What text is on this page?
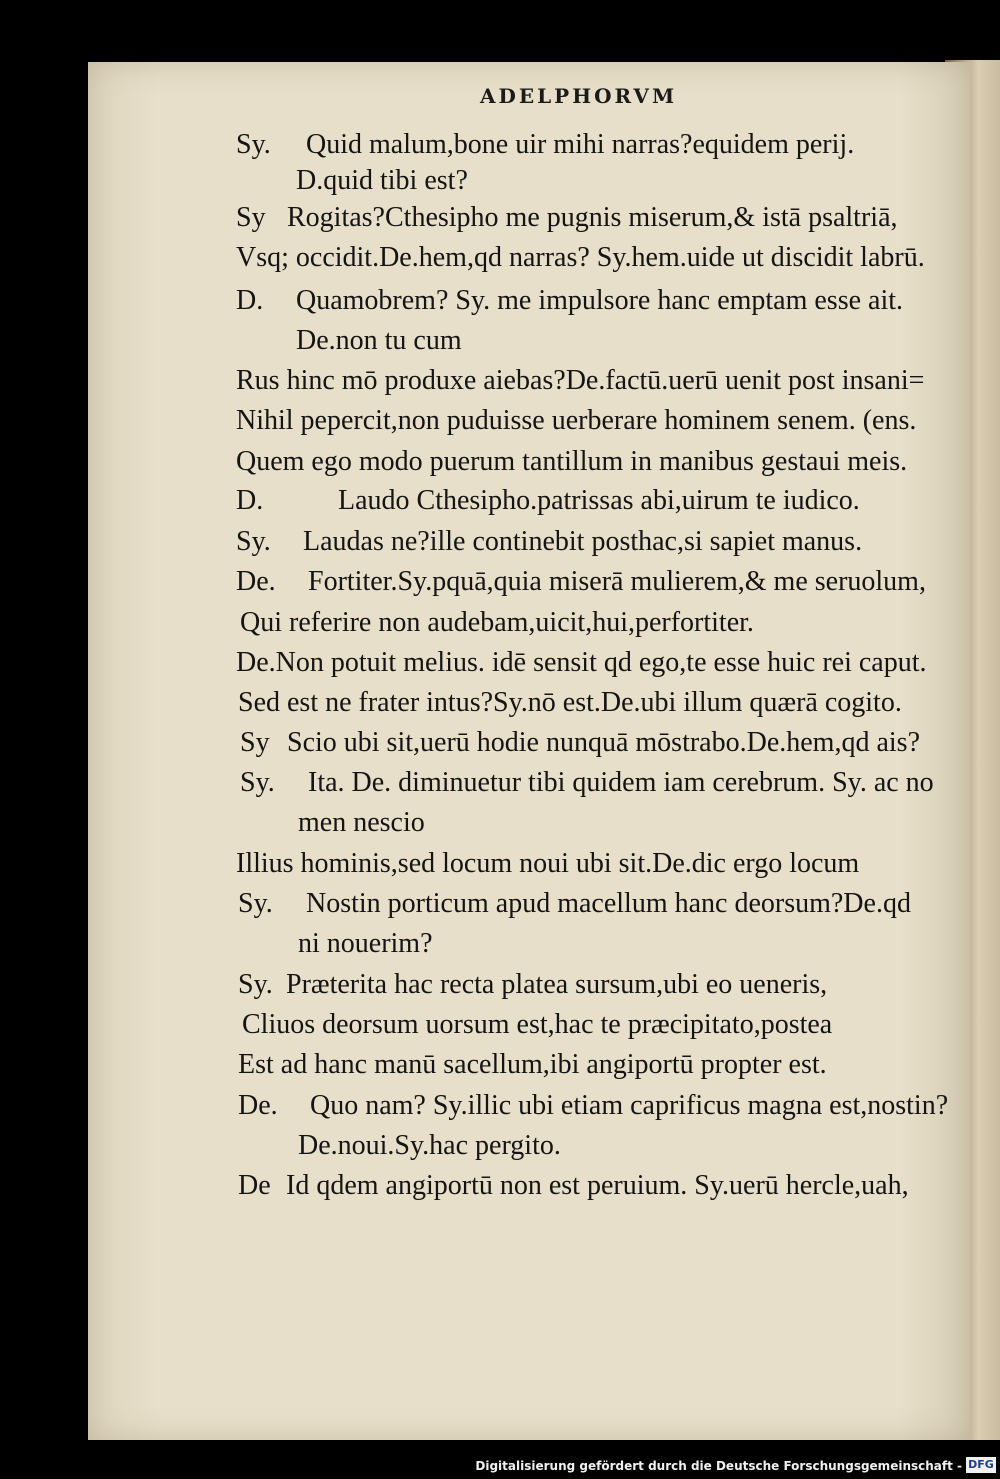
ADELPHORVM
Sy. Quid malum,bone uir mihi narras?equidem perij.
D.quid tibi est?
Sy Rogitas?Cthesipho me pugnis miserum,& istā psaltriā,
Vsq; occidit.De.hem,qd narras? Sy.hem.uide ut discidit labrū.
D. Quamobrem? Sy. me impulsore hanc emptam esse ait.
De.non tu cum
Rus hinc mō produxe aiebas?De.factū.uerū uenit post insani=
Nihil pepercit,non puduisse uerberare hominem senem. (ens.
Quem ego modo puerum tantillum in manibus gestaui meis.
D.	Laudo Cthesipho.patrissas abi,uirum te iudico.
Sy. Laudas ne?ille continebit posthac,si sapiet manus.
De. Fortiter.Sy.pquā,quia miserā mulierem,& me seruolum,
Qui referire non audebam,uicit,hui,perfortiter.
De.Non potuit melius. idē sensit qd ego,te esse huic rei caput.
Sed est ne frater intus?Sy.nō est.De.ubi illum quærā cogito.
Sy Scio ubi sit,uerū hodie nunquā mōstrabo.De.hem,qd ais?
Sy. Ita. De. diminuetur tibi quidem iam cerebrum. Sy. ac no
men nescio
Illius hominis,sed locum noui ubi sit.De.dic ergo locum
Sy. Nostin porticum apud macellum hanc deorsum?De.qd
ni nouerim?
Sy. Præterita hac recta platea sursum,ubi eo ueneris,
Cliuos deorsum uorsum est,hac te præcipitato,postea
Est ad hanc manū sacellum,ibi angiportū propter est.
De. Quo nam? Sy.illic ubi etiam caprificus magna est,nostin?
De.noui.Sy.hac pergito.
De Id qdem angiportū non est peruium. Sy.uerū hercle,uah,
Digitalisierung gefördert durch die Deutsche Forschungsgemeinschaft - DFG
